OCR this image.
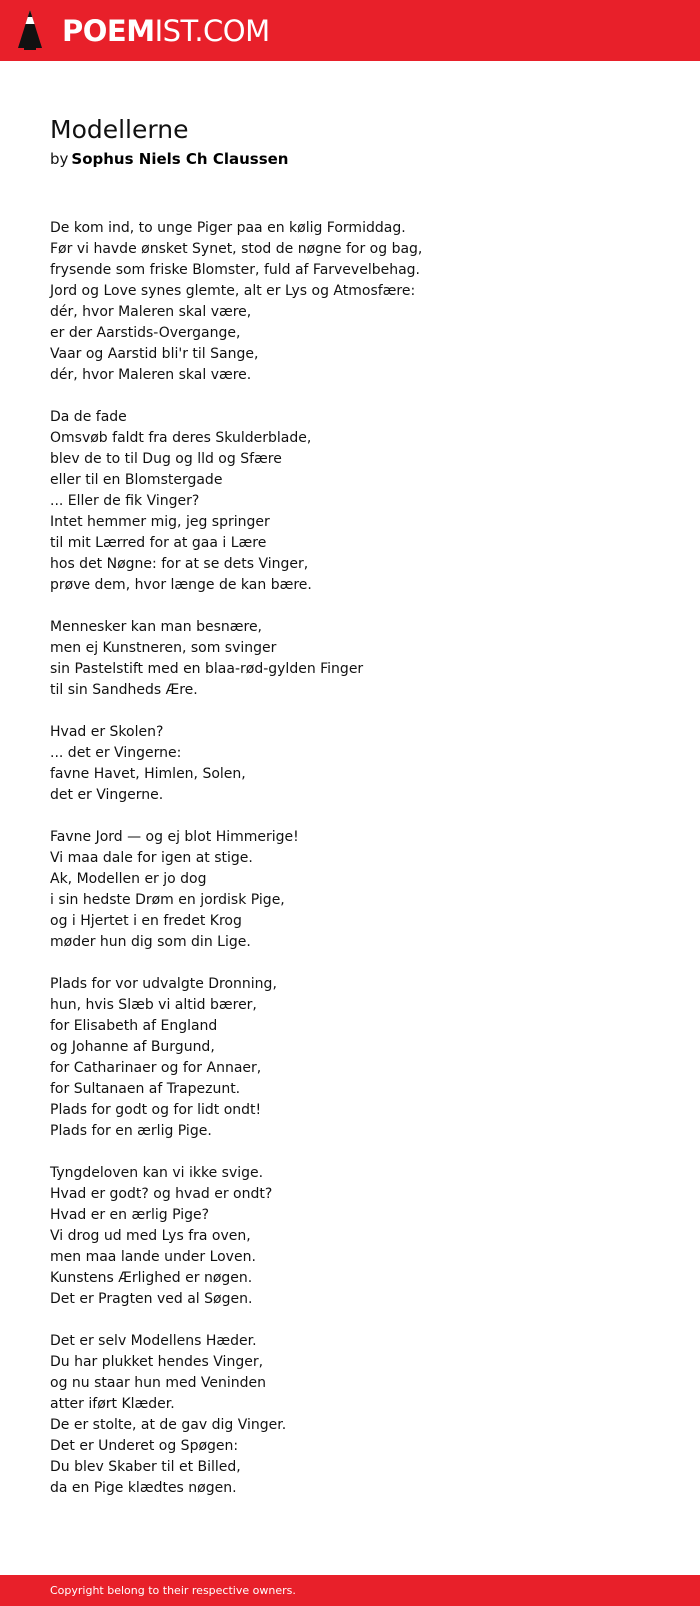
POEMIST.COM
Modellerne
by Sophus Niels Ch Claussen

De kom ind, to unge Piger paa en kølig Formiddag.
Før vi havde ønsket Synet, stod de nøgne for og bag,
frysende som friske Blomster, fuld af Farvevelbehag.
Jord og Love synes glemte, alt er Lys og Atmosfære:
dér, hvor Maleren skal være,
er der Aarstids-Overgange,
Vaar og Aarstid bli'r til Sange,
dér, hvor Maleren skal være.

Da de fade
Omsvøb faldt fra deres Skulderblade,
blev de to til Dug og lld og Sfære
eller til en Blomstergade
... Eller de fik Vinger?
Intet hemmer mig, jeg springer
til mit Lærred for at gaa i Lære
hos det Nøgne: for at se dets Vinger,
prøve dem, hvor længe de kan bære.

Mennesker kan man besnære,
men ej Kunstneren, som svinger
sin Pastelstift med en blaa-rød-gylden Finger
til sin Sandheds Ære.

Hvad er Skolen?
... det er Vingerne:
favne Havet, Himlen, Solen,
det er Vingerne.

Favne Jord — og ej blot Himmerige!
Vi maa dale for igen at stige.
Ak, Modellen er jo dog
i sin hedste Drøm en jordisk Pige,
og i Hjertet i en fredet Krog
møder hun dig som din Lige.

Plads for vor udvalgte Dronning,
hun, hvis Slæb vi altid bærer,
for Elisabeth af England
og Johanne af Burgund,
for Catharinaer og for Annaer,
for Sultanaen af Trapezunt.
Plads for godt og for lidt ondt!
Plads for en ærlig Pige.

Tyngdeloven kan vi ikke svige.
Hvad er godt? og hvad er ondt?
Hvad er en ærlig Pige?
Vi drog ud med Lys fra oven,
men maa lande under Loven.
Kunstens Ærlighed er nøgen.
Det er Pragten ved al Søgen.

Det er selv Modellens Hæder.
Du har plukket hendes Vinger,
og nu staar hun med Veninden
atter iført Klæder.
De er stolte, at de gav dig Vinger.
Det er Underet og Spøgen:
Du blev Skaber til et Billed,
da en Pige klædtes nøgen.

Copyright belong to their respective owners.
